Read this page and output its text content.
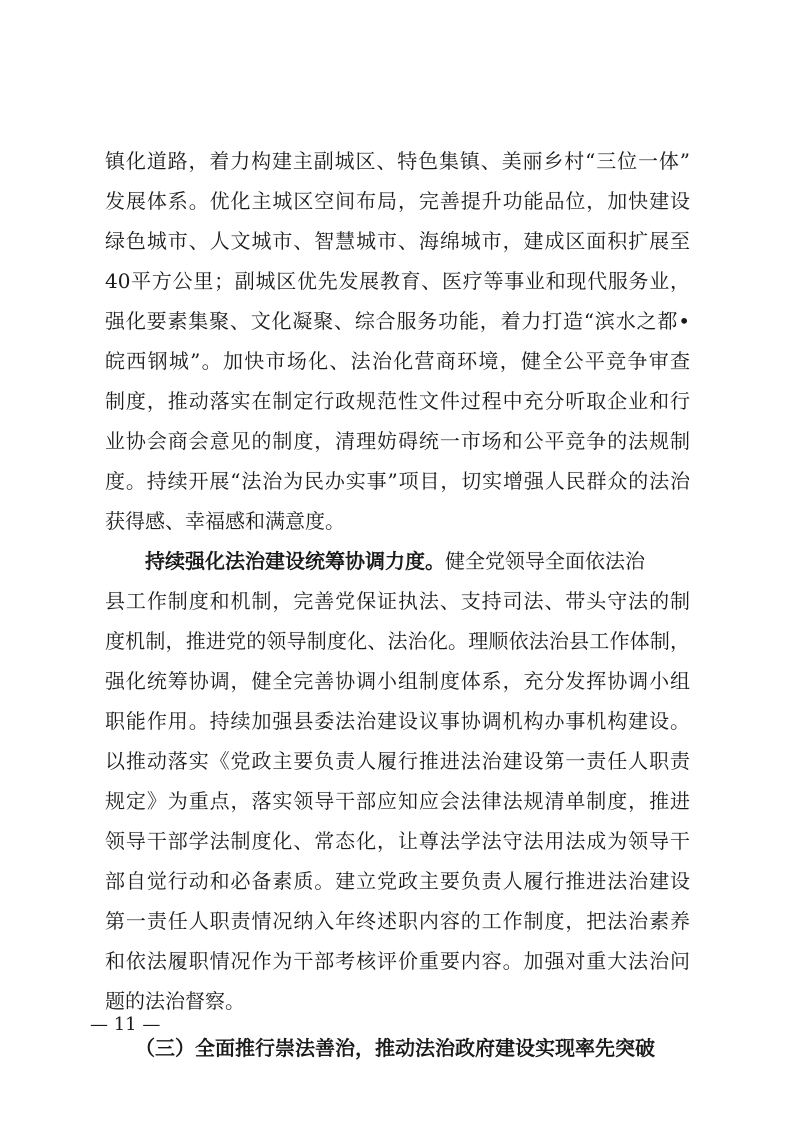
镇化道路，着力构建主副城区、特色集镇、美丽乡村“三位一体”
发展体系。优化主城区空间布局，完善提升功能品位，加快建设
绿色城市、人文城市、智慧城市、海绵城市，建成区面积扩展至
40平方公里；副城区优先发展教育、医疗等事业和现代服务业，
强化要素集聚、文化凝聚、综合服务功能，着力打造“滨水之都•
皖西钢城”。加快市场化、法治化营商环境，健全公平竞争审查
制度，推动落实在制定行政规范性文件过程中充分听取企业和行
业协会商会意见的制度，清理妨碍统一市场和公平竞争的法规制
度。持续开展“法治为民办实事”项目，切实增强人民群众的法治
获得感、幸福感和满意度。
持续强化法治建设统筹协调力度。健全党领导全面依法治
县工作制度和机制，完善党保证执法、支持司法、带头守法的制
度机制，推进党的领导制度化、法治化。理顺依法治县工作体制，
强化统筹协调，健全完善协调小组制度体系，充分发挥协调小组
职能作用。持续加强县委法治建设议事协调机构办事机构建设。
以推动落实《党政主要负责人履行推进法治建设第一责任人职责
规定》为重点，落实领导干部应知应会法律法规清单制度，推进
领导干部学法制度化、常态化，让尊法学法守法用法成为领导干
部自觉行动和必备素质。建立党政主要负责人履行推进法治建设
第一责任人职责情况纳入年终述职内容的工作制度，把法治素养
和依法履职情况作为干部考核评价重要内容。加强对重大法治问
题的法治督察。
（三）全面推行崇法善治，推动法治政府建设实现率先突破
— 11 —
